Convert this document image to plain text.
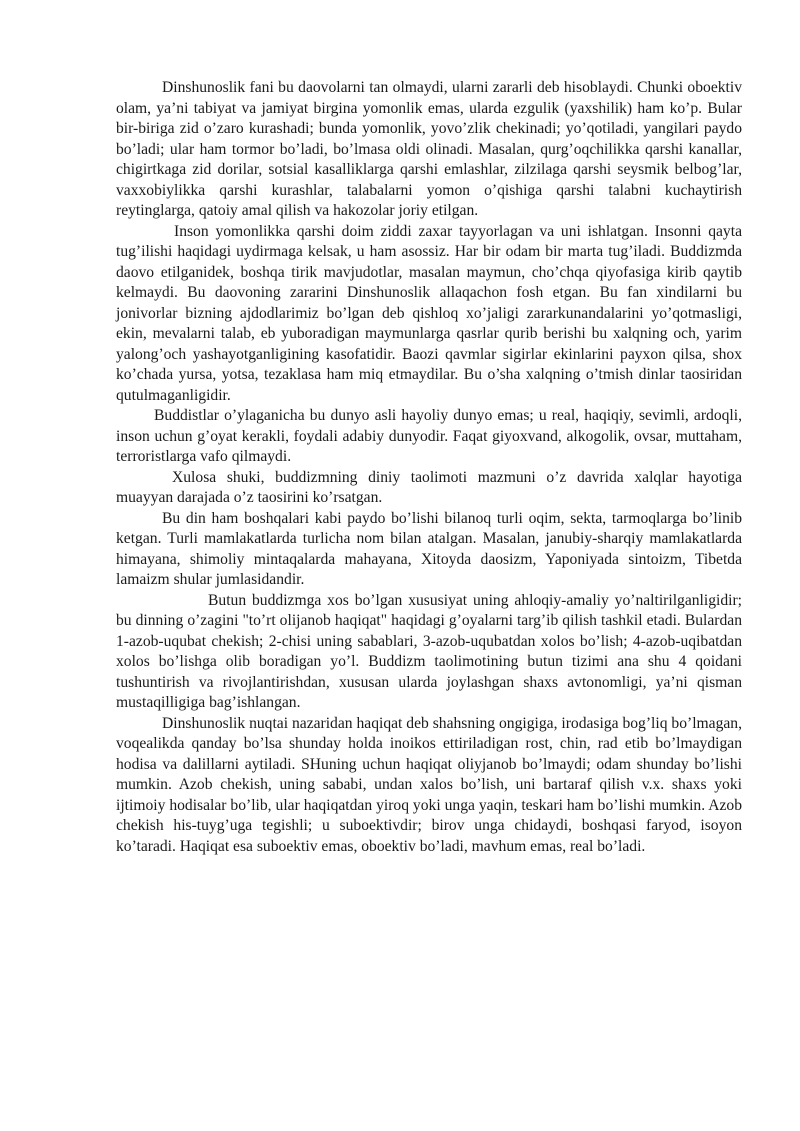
Dinshunoslik fani bu daovolarni tan olmaydi, ularni zararli deb hisoblaydi. Chunki oboektiv olam, ya’ni tabiyat va jamiyat birgina yomonlik emas, ularda ezgulik (yaxshilik) ham ko’p. Bular bir-biriga zid o’zaro kurashadi; bunda yomonlik, yovo’zlik chekinadi; yo’qotiladi, yangilari paydo bo’ladi; ular ham tormor bo’ladi, bo’lmasa oldi olinadi. Masalan, qurg’oqchilikka qarshi kanallar, chigirtkaga zid dorilar, sotsial kasalliklarga qarshi emlashlar, zilzilaga qarshi seysmik belbog’lar, vaxxobiylikka qarshi kurashlar, talabalarni yomon o’qishiga qarshi talabni kuchaytirish reytinglarga, qatoiy amal qilish va hakozolar joriy etilgan.

Inson yomonlikka qarshi doim ziddi zaxar tayyorlagan va uni ishlatgan. Insonni qayta tug’ilishi haqidagi uydirmaga kelsak, u ham asossiz. Har bir odam bir marta tug’iladi. Buddizmda daovo etilganidek, boshqa tirik mavjudotlar, masalan maymun, cho’chqa qiyofasiga kirib qaytib kelmaydi. Bu daovoning zararini Dinshunoslik allaqachon fosh etgan. Bu fan xindilarni bu jonivorlar bizning ajdodlarimiz bo’lgan deb qishloq xo’jaligi zararkunandalarini yo’qotmasligi, ekin, mevalarni talab, eb yuboradigan maymunlarga qasrlar qurib berishi bu xalqning och, yarim yalong’och yashayotganligining kasofatidir. Baozi qavmlar sigirlar ekinlarini payxon qilsa, shox ko’chada yursa, yotsa, tezaklasa ham miq etmaydilar. Bu o’sha xalqning o’tmish dinlar taosiridan qutulmaganligidir.

Buddistlar o’ylaganicha bu dunyo asli hayoliy dunyo emas; u real, haqiqiy, sevimli, ardoqli, inson uchun g’oyat kerakli, foydali adabiy dunyodir. Faqat giyoxvand, alkogolik, ovsar, muttaham, terroristlarga vafo qilmaydi.

Xulosa shuki, buddizmning diniy taolimoti mazmuni o’z davrida xalqlar hayotiga muayyan darajada o’z taosirini ko’rsatgan.

Bu din ham boshqalari kabi paydo bo’lishi bilanoq turli oqim, sekta, tarmoqlarga bo’linib ketgan. Turli mamlakatlarda turlicha nom bilan atalgan. Masalan, janubiy-sharqiy mamlakatlarda himayana, shimoliy mintaqalarda mahayana, Xitoyda daosizm, Yaponiyada sintoizm, Tibetda lamaizm shular jumlasidandir.

Butun buddizmga xos bo’lgan xususiyat uning ahloqiy-amaliy yo’naltirilganligidir; bu dinning o’zagini "to’rt olijanob haqiqat" haqidagi g’oyalarni targ’ib qilish tashkil etadi. Bulardan 1-azob-uqubat chekish; 2-chisi uning sabablari, 3-azob-uqubatdan xolos bo’lish; 4-azob-uqibatdan xolos bo’lishga olib boradigan yo’l. Buddizm taolimotining butun tizimi ana shu 4 qoidani tushuntirish va rivojlantirishdan, xususan ularda joylashgan shaxs avtonomligi, ya’ni qisman mustaqilligiga bag’ishlangan.

Dinshunoslik nuqtai nazaridan haqiqat deb shahsning ongigiga, irodasiga bog’liq bo’lmagan, voqealikda qanday bo’lsa shunday holda inoikos ettiriladigan rost, chin, rad etib bo’lmaydigan hodisa va dalillarni aytiladi. SHuning uchun haqiqat oliyjanob bo’lmaydi; odam shunday bo’lishi mumkin. Azob chekish, uning sababi, undan xalos bo’lish, uni bartaraf qilish v.x. shaxs yoki ijtimoiy hodisalar bo’lib, ular haqiqatdan yiroq yoki unga yaqin, teskari ham bo’lishi mumkin. Azob chekish his-tuyg’uga tegishli; u suboektivdir; birov unga chidaydi, boshqasi faryod, isoyon ko’taradi. Haqiqat esa suboektiv emas, oboektiv bo’ladi, mavhum emas, real bo’ladi.
